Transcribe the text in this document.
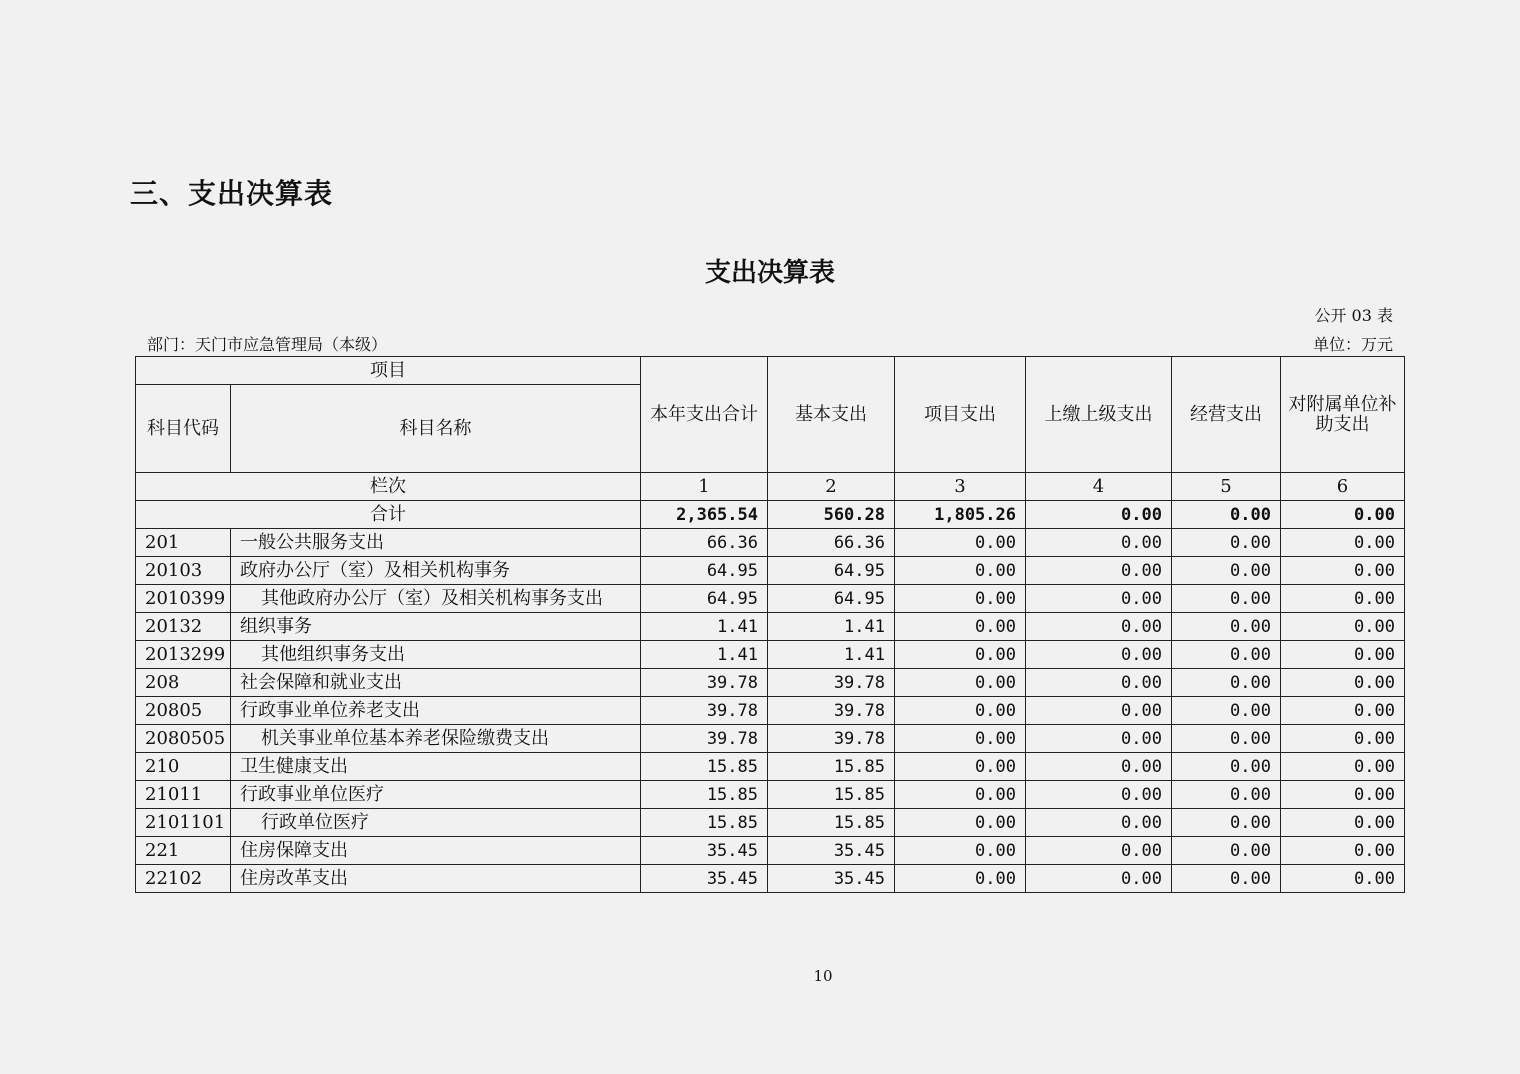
三、支出决算表
支出决算表
公开 03 表
部门：天门市应急管理局（本级）	单位：万元
项目		本年支出合计	基本支出	项目支出	上缴上级支出	经营支出	对附属单位补助支出
科目代码	科目名称						
栏次		1	2	3	4	5	6
合计		2,365.54	560.28	1,805.26	0.00	0.00	0.00
201	一般公共服务支出	66.36	66.36	0.00	0.00	0.00	0.00
20103	政府办公厅（室）及相关机构事务	64.95	64.95	0.00	0.00	0.00	0.00
2010399	其他政府办公厅（室）及相关机构事务支出	64.95	64.95	0.00	0.00	0.00	0.00
20132	组织事务	1.41	1.41	0.00	0.00	0.00	0.00
2013299	其他组织事务支出	1.41	1.41	0.00	0.00	0.00	0.00
208	社会保障和就业支出	39.78	39.78	0.00	0.00	0.00	0.00
20805	行政事业单位养老支出	39.78	39.78	0.00	0.00	0.00	0.00
2080505	机关事业单位基本养老保险缴费支出	39.78	39.78	0.00	0.00	0.00	0.00
210	卫生健康支出	15.85	15.85	0.00	0.00	0.00	0.00
21011	行政事业单位医疗	15.85	15.85	0.00	0.00	0.00	0.00
2101101	行政单位医疗	15.85	15.85	0.00	0.00	0.00	0.00
221	住房保障支出	35.45	35.45	0.00	0.00	0.00	0.00
22102	住房改革支出	35.45	35.45	0.00	0.00	0.00	0.00
10
